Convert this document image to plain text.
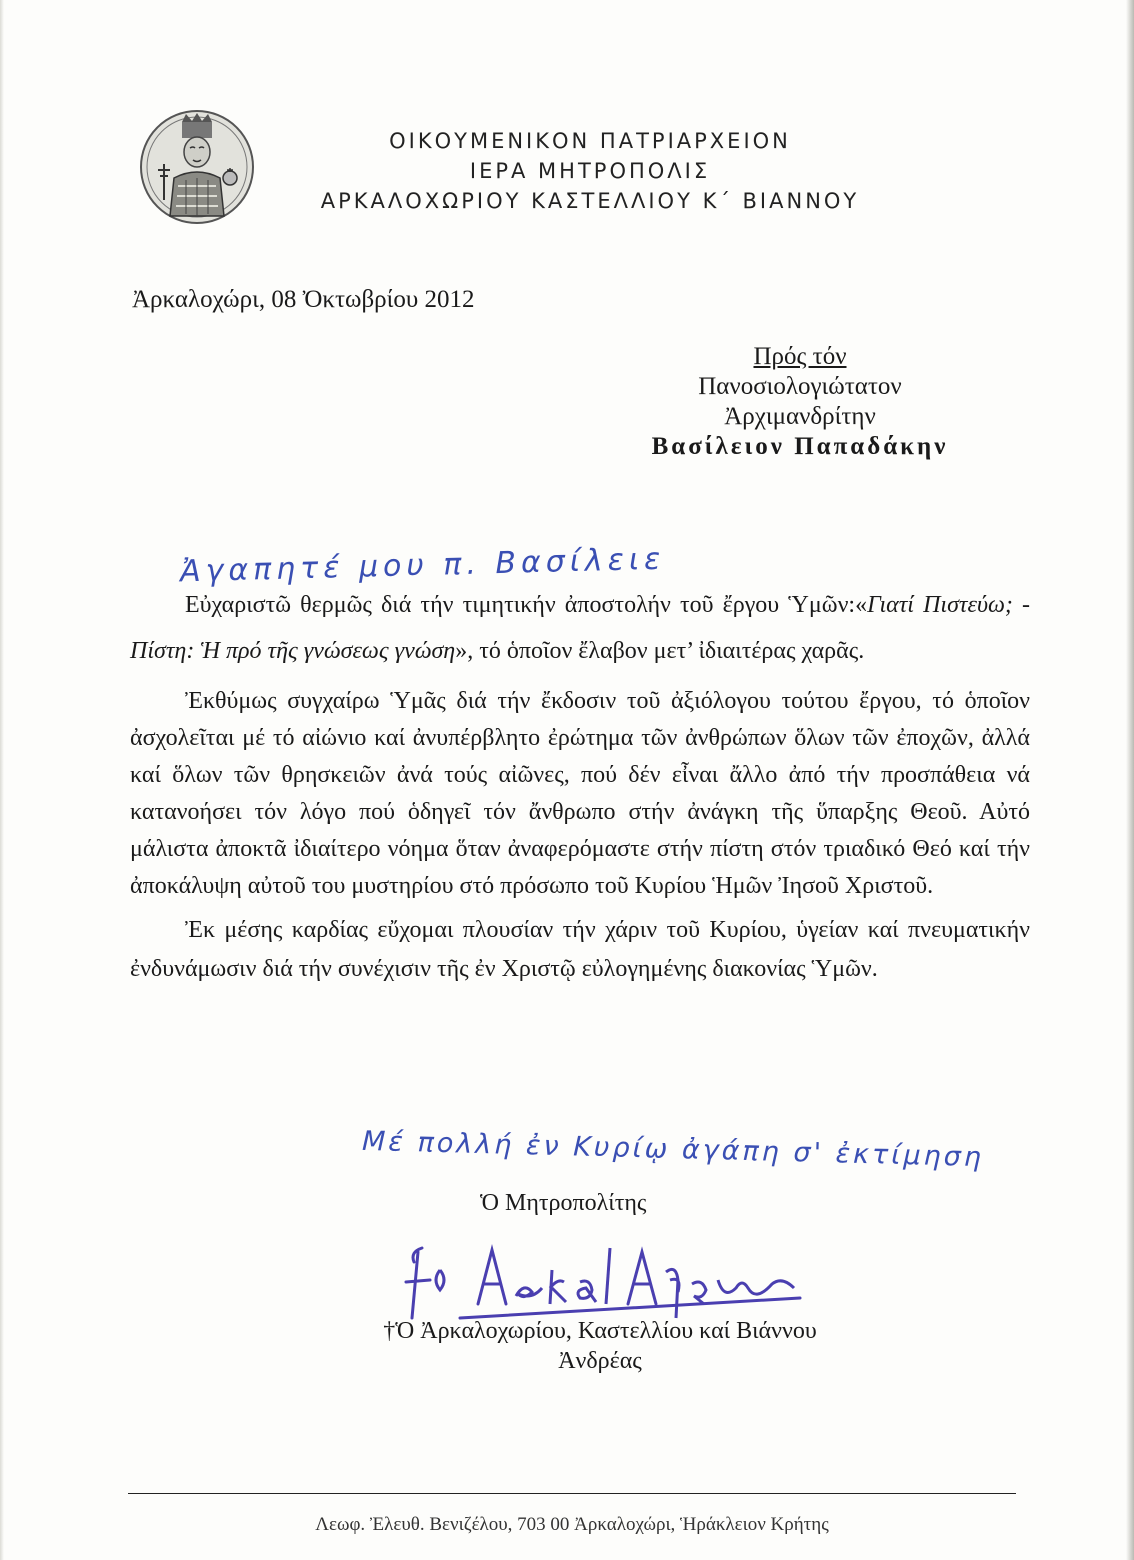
ΟΙΚΟΥΜΕΝΙΚΟΝ ΠΑΤΡΙΑΡΧΕΙΟΝ
ΙΕΡΑ ΜΗΤΡΟΠΟΛΙΣ
ΑΡΚΑΛΟΧΩΡΙΟΥ ΚΑΣΤΕΛΛΙΟΥ Κ΄ ΒΙΑΝΝΟΥ
Ἀρκαλοχώρι, 08 Ὀκτωβρίου 2012
Πρός τόν
Πανοσιολογιώτατον
Ἀρχιμανδρίτην
Βασίλειον Παπαδάκην
Ἀγαπητέ μου π. Βασίλειε

Εὐχαριστῶ θερμῶς διά τήν τιμητικήν ἀποστολήν τοῦ ἔργου Ὑμῶν:«Γιατί Πιστεύω; - Πίστη: Ἡ πρό τῆς γνώσεως γνώση», τό ὁποῖον ἔλαβον μετ’ ἰδιαιτέρας χαρᾶς.

Ἐκθύμως συγχαίρω Ὑμᾶς διά τήν ἔκδοσιν τοῦ ἀξιόλογου τούτου ἔργου, τό ὁποῖον ἀσχολεῖται μέ τό αἰώνιο καί ἀνυπέρβλητο ἐρώτημα τῶν ἀνθρώπων ὅλων τῶν ἐποχῶν, ἀλλά καί ὅλων τῶν θρησκειῶν ἀνά τούς αἰῶνες, πού δέν εἶναι ἄλλο ἀπό τήν προσπάθεια νά κατανοήσει τόν λόγο πού ὁδηγεῖ τόν ἄνθρωπο στήν ἀνάγκη τῆς ὕπαρξης Θεοῦ. Αὐτό μάλιστα ἀποκτᾶ ἰδιαίτερο νόημα ὅταν ἀναφερόμαστε στήν πίστη στόν τριαδικό Θεό καί τήν ἀποκάλυψη αὐτοῦ του μυστηρίου στό πρόσωπο τοῦ Κυρίου Ἡμῶν Ἰησοῦ Χριστοῦ.

Ἐκ μέσης καρδίας εὔχομαι πλουσίαν τήν χάριν τοῦ Κυρίου, ὑγείαν καί πνευματικήν ἐνδυνάμωσιν διά τήν συνέχισιν τῆς ἐν Χριστῷ εὐλογημένης διακονίας Ὑμῶν.

Μέ πολλή ἐν Κυρίῳ ἀγάπη σ' ἐκτίμηση
Ὁ Μητροπολίτης
†Ὁ Ἀρκαλοχωρίου, Καστελλίου καί Βιάννου
Ἀνδρέας
Λεωφ. Ἐλευθ. Βενιζέλου, 703 00 Ἀρκαλοχώρι, Ἡράκλειον Κρήτης
